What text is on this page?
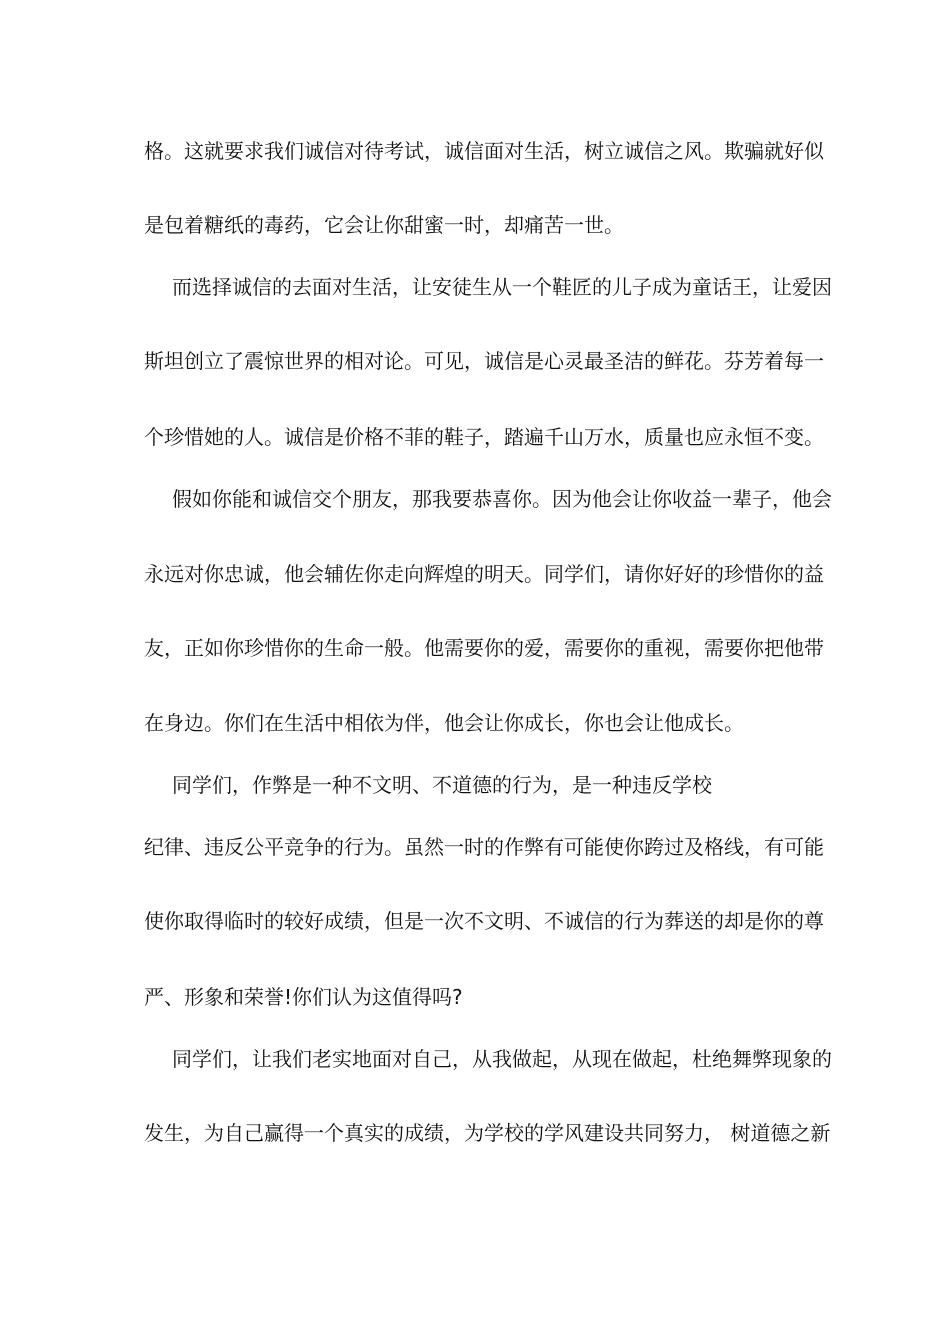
格。这就要求我们诚信对待考试，诚信面对生活，树立诚信之风。欺骗就好似
是包着糖纸的毒药，它会让你甜蜜一时，却痛苦一世。
而选择诚信的去面对生活，让安徒生从一个鞋匠的儿子成为童话王，让爱因
斯坦创立了震惊世界的相对论。可见，诚信是心灵最圣洁的鲜花。芬芳着每一
个珍惜她的人。诚信是价格不菲的鞋子，踏遍千山万水，质量也应永恒不变。
假如你能和诚信交个朋友，那我要恭喜你。因为他会让你收益一辈子，他会
永远对你忠诚，他会辅佐你走向辉煌的明天。同学们，请你好好的珍惜你的益
友，正如你珍惜你的生命一般。他需要你的爱，需要你的重视，需要你把他带
在身边。你们在生活中相依为伴，他会让你成长，你也会让他成长。
同学们，作弊是一种不文明、不道德的行为，是一种违反学校
纪律、违反公平竞争的行为。虽然一时的作弊有可能使你跨过及格线，有可能
使你取得临时的较好成绩，但是一次不文明、不诚信的行为葬送的却是你的尊
严、形象和荣誉!你们认为这值得吗?
同学们，让我们老实地面对自己，从我做起，从现在做起，杜绝舞弊现象的
发生，为自己赢得一个真实的成绩，为学校的学风建设共同努力， 树道德之新
